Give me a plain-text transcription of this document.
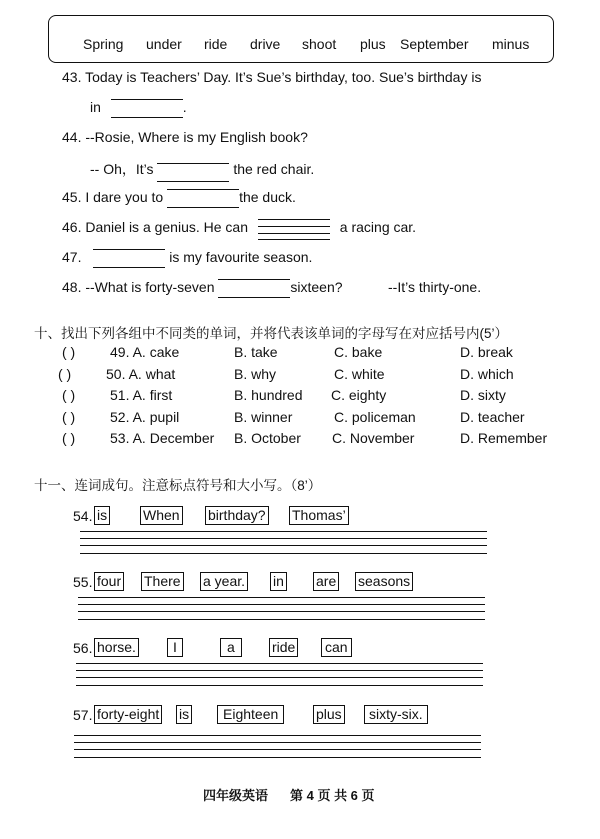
Spring under ride drive shoot plus September minus
43. Today is Teachers’ Day. It’s Sue’s birthday, too. Sue’s birthday is
in	.
44. --Rosie, Where is my English book?
-- Oh，It’s	the red chair.
45. I dare you to	the duck.
46. Daniel is a genius. He can	a racing car.
47.	is my favourite season.
48. --What is forty-seven	sixteen?	--It’s thirty-one.
十、找出下列各组中不同类的单词，并将代表该单词的字母写在对应括号内(5’）
( ) 49. A. cake	B. take	C. bake	D. break
( ) 50. A. what	B. why	C. white	D. which
( ) 51. A. first	B. hundred C. eighty	D. sixty
( ) 52. A. pupil	B. winner	C. policeman	D. teacher
( ) 53. A. December B. October C. November	D. Remember
十一、连词成句。注意标点符号和大小写。（8’）
54. is	When birthday? Thomas’
55. four There a year. in are seasons
56. horse.	I	a	ride can
57. forty-eight is	Eighteen	plus	sixty-six.
四年级英语 第 4 页 共 6 页
